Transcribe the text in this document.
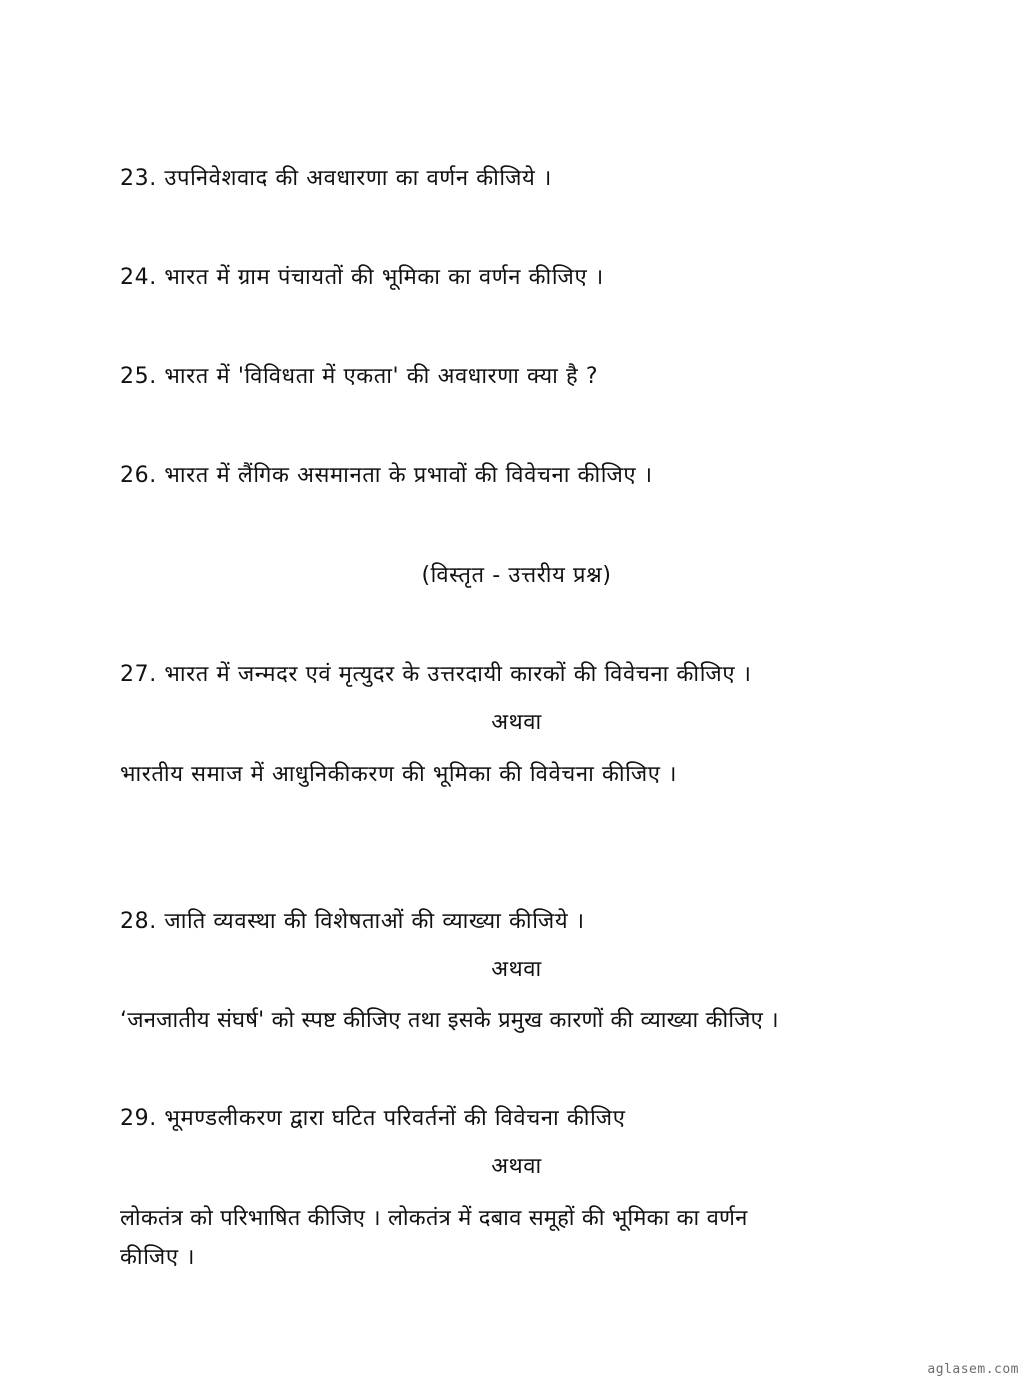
23. उपनिवेशवाद की अवधारणा का वर्णन कीजिये ।
24. भारत में ग्राम पंचायतों की भूमिका का वर्णन कीजिए ।
25. भारत में 'विविधता में एकता' की अवधारणा क्या है ?
26. भारत में लैंगिक असमानता के प्रभावों की विवेचना कीजिए ।
(विस्तृत - उत्तरीय प्रश्न)
27. भारत में जन्मदर एवं मृत्युदर के उत्तरदायी कारकों की विवेचना कीजिए ।
अथवा
भारतीय समाज में आधुनिकीकरण की भूमिका की विवेचना कीजिए ।
28. जाति व्यवस्था की विशेषताओं की व्याख्या कीजिये ।
अथवा
‘जनजातीय संघर्ष' को स्पष्ट कीजिए तथा इसके प्रमुख कारणों की व्याख्या कीजिए ।
29. भूमण्डलीकरण द्वारा घटित परिवर्तनों की विवेचना कीजिए
अथवा
लोकतंत्र को परिभाषित कीजिए । लोकतंत्र में दबाव समूहों की भूमिका का वर्णन
कीजिए ।
aglasem.com
